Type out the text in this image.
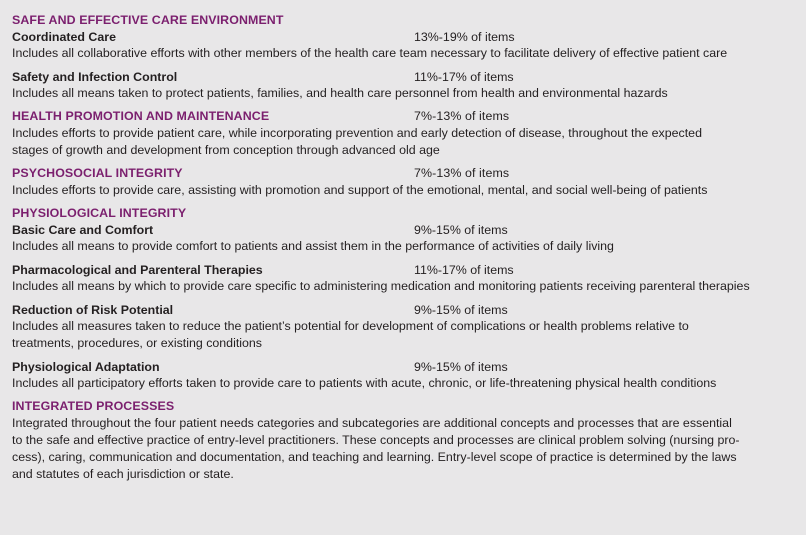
SAFE AND EFFECTIVE CARE ENVIRONMENT
Coordinated Care	13%-19% of items
Includes all collaborative efforts with other members of the health care team necessary to facilitate delivery of effective patient care
Safety and Infection Control	11%-17% of items
Includes all means taken to protect patients, families, and health care personnel from health and environmental hazards
HEALTH PROMOTION AND MAINTENANCE	7%-13% of items
Includes efforts to provide patient care, while incorporating prevention and early detection of disease, throughout the expected
stages of growth and development from conception through advanced old age
PSYCHOSOCIAL INTEGRITY	7%-13% of items
Includes efforts to provide care, assisting with promotion and support of the emotional, mental, and social well-being of patients
PHYSIOLOGICAL INTEGRITY
Basic Care and Comfort	9%-15% of items
Includes all means to provide comfort to patients and assist them in the performance of activities of daily living
Pharmacological and Parenteral Therapies	11%-17% of items
Includes all means by which to provide care specific to administering medication and monitoring patients receiving parenteral therapies
Reduction of Risk Potential	9%-15% of items
Includes all measures taken to reduce the patient’s potential for development of complications or health problems relative to
treatments, procedures, or existing conditions
Physiological Adaptation	9%-15% of items
Includes all participatory efforts taken to provide care to patients with acute, chronic, or life-threatening physical health conditions
INTEGRATED PROCESSES
Integrated throughout the four patient needs categories and subcategories are additional concepts and processes that are essential
to the safe and effective practice of entry-level practitioners. These concepts and processes are clinical problem solving (nursing pro-
cess), caring, communication and documentation, and teaching and learning. Entry-level scope of practice is determined by the laws
and statutes of each jurisdiction or state.
